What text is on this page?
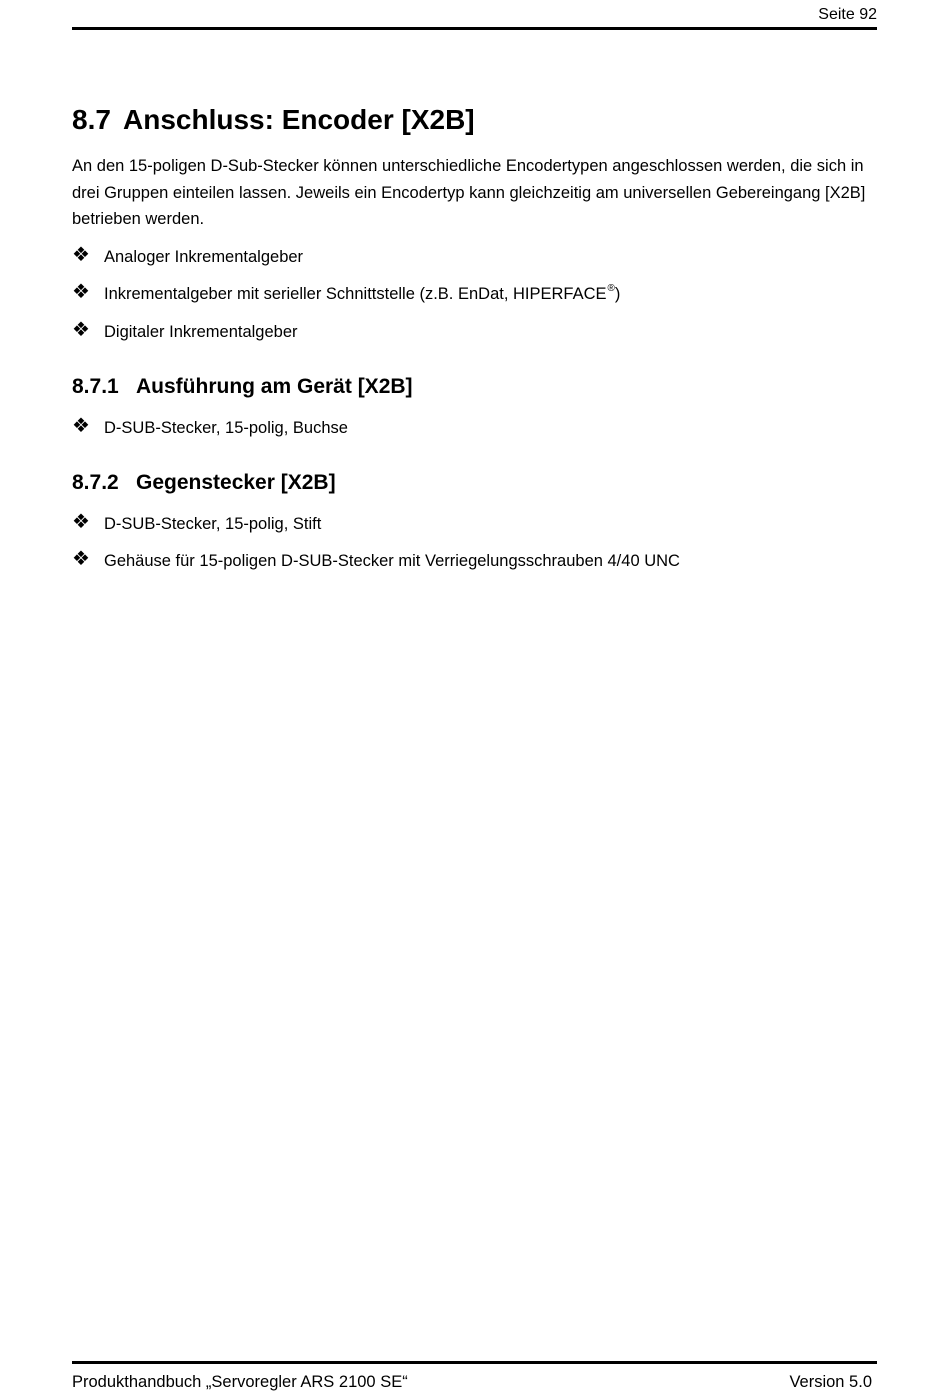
Seite 92
8.7 Anschluss: Encoder [X2B]

An den 15-poligen D-Sub-Stecker können unterschiedliche Encodertypen angeschlossen werden, die sich in drei Gruppen einteilen lassen. Jeweils ein Encodertyp kann gleichzeitig am universellen Gebereingang [X2B] betrieben werden.

❖ Analoger Inkrementalgeber
❖ Inkrementalgeber mit serieller Schnittstelle (z.B. EnDat, HIPERFACE®)
❖ Digitaler Inkrementalgeber
8.7.1 Ausführung am Gerät [X2B]
❖ D-SUB-Stecker, 15-polig, Buchse
8.7.2 Gegenstecker [X2B]
❖ D-SUB-Stecker, 15-polig, Stift
❖ Gehäuse für 15-poligen D-SUB-Stecker mit Verriegelungsschrauben 4/40 UNC
Produkthandbuch „Servoregler ARS 2100 SE“	Version 5.0
